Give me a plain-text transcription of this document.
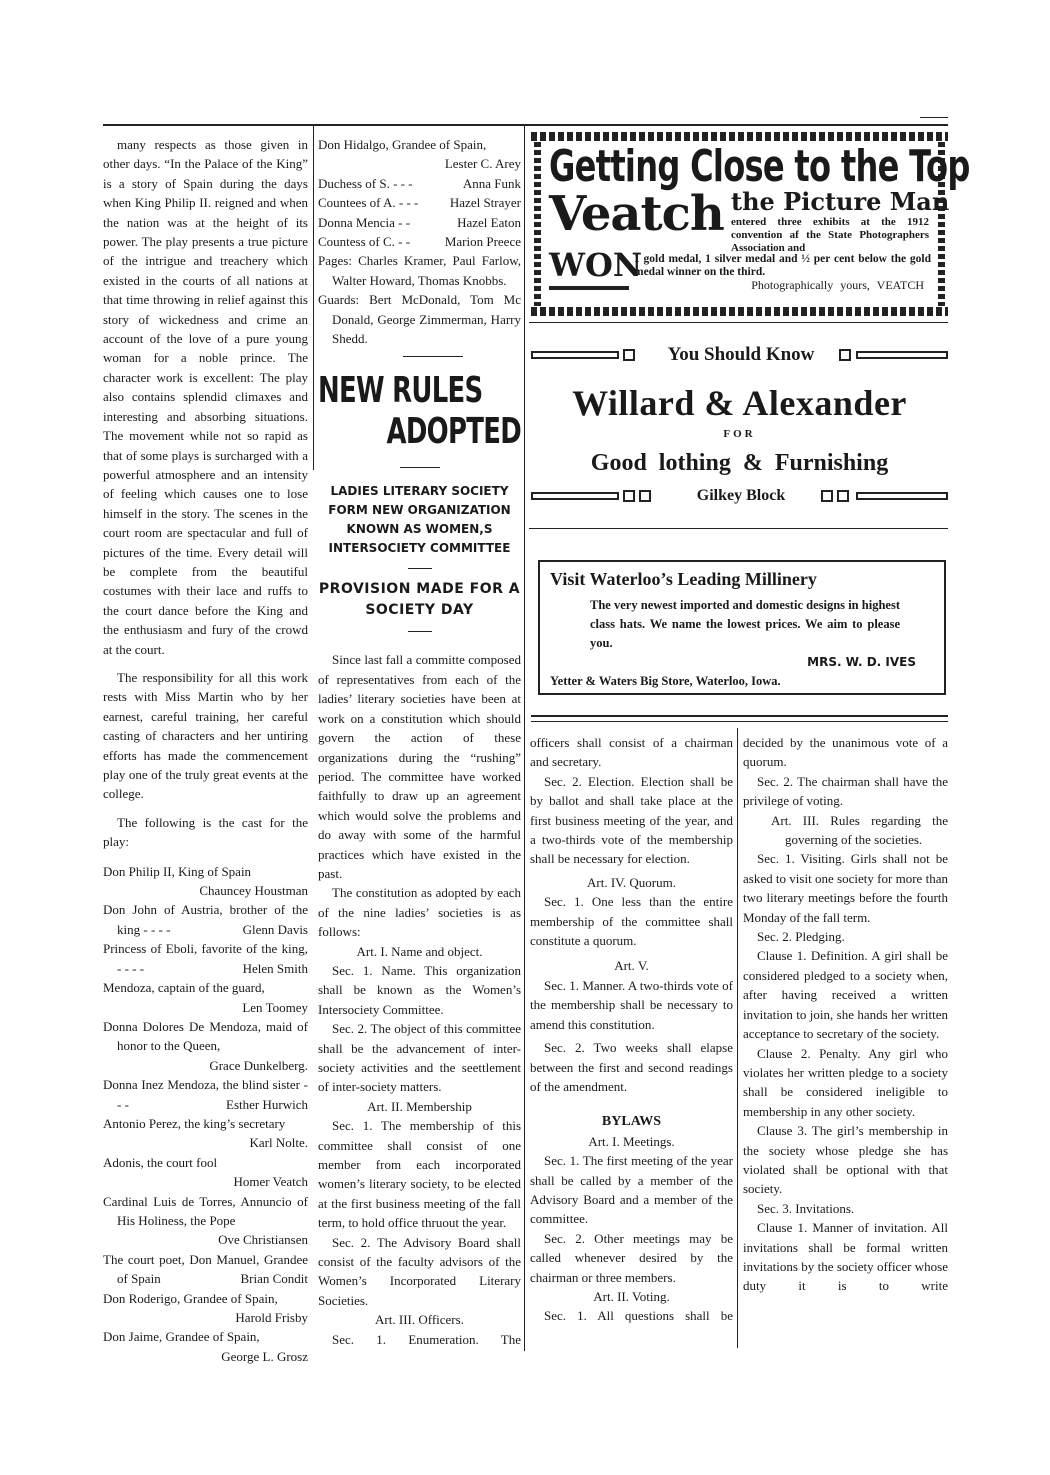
many respects as those given in other days. “In the Palace of the King” is a story of Spain during the days when King Philip II. reigned and when the nation was at the height of its power. The play presents a true picture of the intrigue and treachery which existed in the courts of all nations at that time throwing in relief against this story of wickedness and crime an account of the love of a pure young woman for a noble prince. The character work is excellent: The play also contains splendid climaxes and interesting and absorbing situations. The movement while not so rapid as that of some plays is surcharged with a powerful atmosphere and an intensity of feeling which causes one to lose himself in the story. The scenes in the court room are spectacular and full of pictures of the time. Every detail will be complete from the beautiful costumes with their lace and ruffs to the court dance before the King and the enthusiasm and fury of the crowd at the court.

The responsibility for all this work rests with Miss Martin who by her earnest, careful training, her careful casting of characters and her untiring efforts has made the commencement play one of the truly great events at the college.

The following is the cast for the play:

Don Philip II, King of Spain
Chauncey Houstman
Don John of Austria, brother of the king - - - -	Glenn Davis
Princess of Eboli, favorite of the king, - - - -	Helen Smith
Mendoza, captain of the guard,
Len Toomey
Donna Dolores De Mendoza, maid of honor to the Queen,
Grace Dunkelberg.
Donna Inez Mendoza, the blind sister - - -	Esther Hurwich
Antonio Perez, the king’s secretary
Karl Nolte.
Adonis, the court fool
Homer Veatch
Cardinal Luis de Torres, Annuncio of His Holiness, the Pope
Ove Christiansen
The court poet, Don Manuel, Grandee of Spain	Brian Condit
Don Roderigo, Grandee of Spain,
Harold Frisby
Don Jaime, Grandee of Spain,
George L. Grosz
Don Hidalgo, Grandee of Spain,
Lester C. Arey
Duchess of S. - - -	Anna Funk
Countees of A. - - - Hazel Strayer
Donna Mencia - -	Hazel Eaton
Countess of C. - -	Marion Preece

Pages: Charles Kramer, Paul Farlow, Walter Howard, Thomas Knobbs.

Guards: Bert McDonald, Tom Mc Donald, George Zimmerman, Harry Shedd.

NEW RULES
ADOPTED
LADIES LITERARY SOCIETY FORM NEW ORGANIZATION KNOWN AS WOMEN,S INTERSOCIETY COMMITTEE
PROVISION MADE FOR A SOCIETY DAY

Since last fall a committe composed of representatives from each of the ladies’ literary societies have been at work on a constitution which should govern the action of these organizations during the “rushing” period. The committee have worked faithfully to draw up an agreement which would solve the problems and do away with some of the harmful practices which have existed in the past.

The constitution as adopted by each of the nine ladies’ societies is as follows:

Art. I. Name and object.

Sec. 1. Name. This organization shall be known as the Women’s Intersociety Committee.

Sec. 2. The object of this committee shall be the advancement of inter-society activities and the seettlement of inter-society matters.

Art. II. Membership

Sec. 1. The membership of this committee shall consist of one member from each incorporated women’s literary society, to be elected at the first business meeting of the fall term, to hold office thruout the year.

Sec. 2. The Advisory Board shall consist of the faculty advisors of the Women’s Incorporated Literary Societies.

Art. III. Officers.

Sec. 1. Enumeration. The

Getting Close to the Top
Veatch the Picture Man
entered three exhibits at the 1912 convention af the State Photographers Association and
WON
1 gold medal, 1 silver medal and ½ per cent below the gold medal winner on the third.
Photographically yours, VEATCH
You Should Know
Willard & Alexander
FOR
Good lothing & Furnishing
Gilkey Block
Visit Waterloo’s Leading Millinery
The very newest imported and domestic designs in highest class hats. We name the lowest prices. We aim to please you.
MRS. W. D. IVES
Yetter & Waters Big Store, Waterloo, Iowa.

officers shall consist of a chairman and secretary.

Sec. 2. Election. Election shall be by ballot and shall take place at the first business meeting of the year, and a two-thirds vote of the membership shall be necessary for election.

Art. IV. Quorum.

Sec. 1. One less than the entire membership of the committee shall constitute a quorum.

Art. V.

Sec. 1. Manner. A two-thirds vote of the membership shall be necessary to amend this constitution.

Sec. 2. Two weeks shall elapse between the first and second readings of the amendment.

BYLAWS

Art. I. Meetings.

Sec. 1. The first meeting of the year shall be called by a member of the Advisory Board and a member of the committee.

Sec. 2. Other meetings may be called whenever desired by the chairman or three members.

Art. II. Voting.

Sec. 1. All questions shall be

decided by the unanimous vote of a quorum.

Sec. 2. The chairman shall have the privilege of voting.

Art. III. Rules regarding the governing of the societies.

Sec. 1. Visiting. Girls shall not be asked to visit one society for more than two literary meetings before the fourth Monday of the fall term.

Sec. 2. Pledging.

Clause 1. Definition. A girl shall be considered pledged to a society when, after having received a written invitation to join, she hands her written acceptance to secretary of the society.

Clause 2. Penalty. Any girl who violates her written pledge to a society shall be considered ineligible to membership in any other society.

Clause 3. The girl’s membership in the society whose pledge she has violated shall be optional with that society.

Sec. 3. Invitations.

Clause 1. Manner of invitation. All invitations shall be formal written invitations by the society officer whose duty it is to write
